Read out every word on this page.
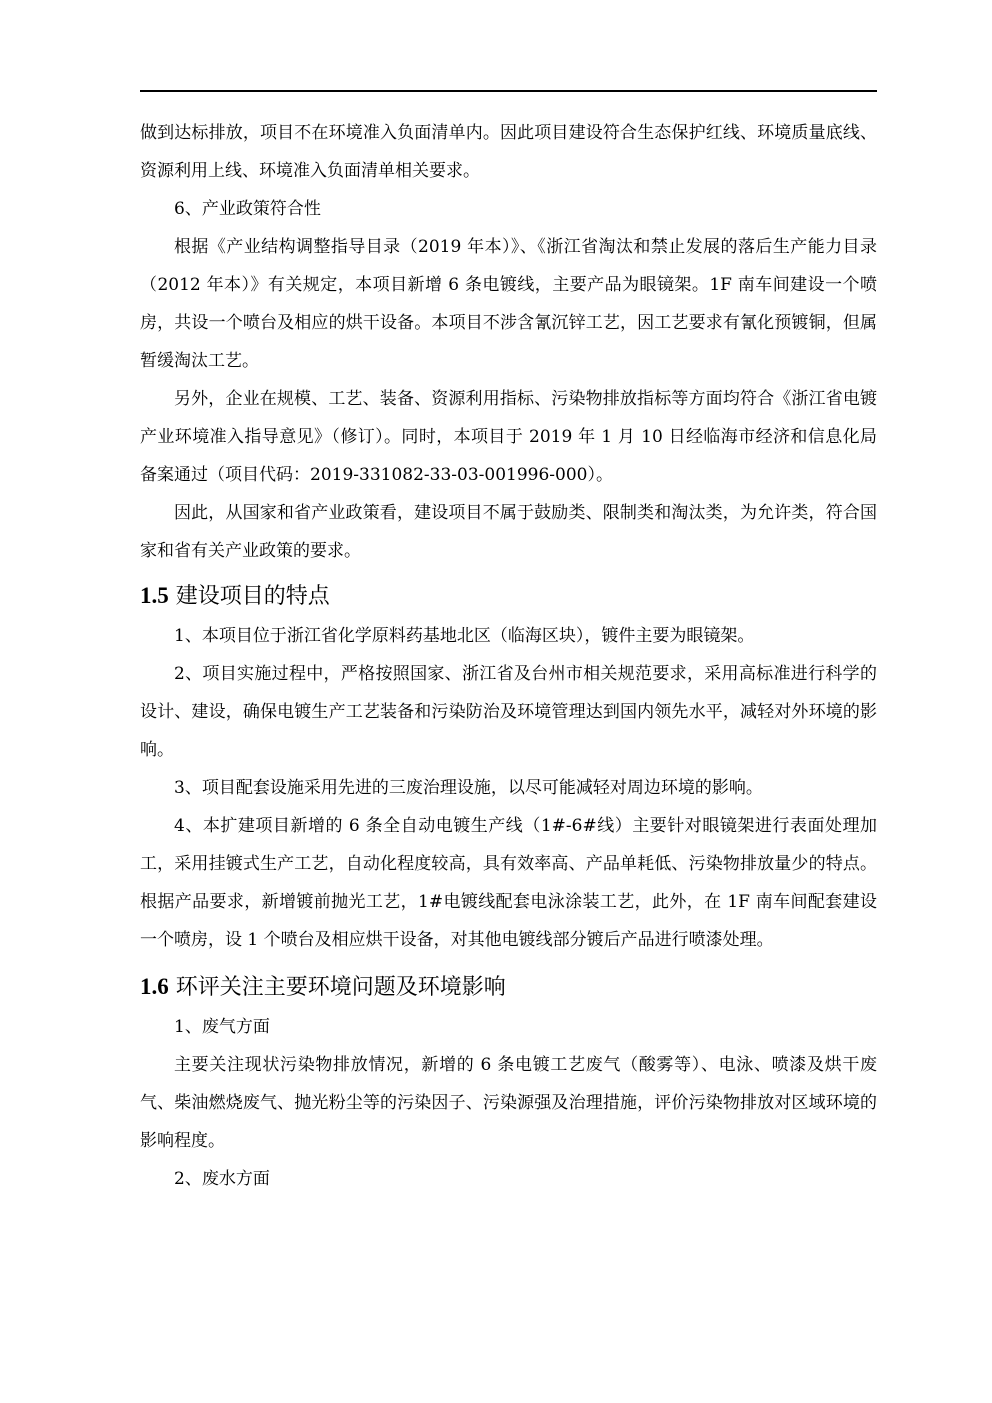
做到达标排放，项目不在环境准入负面清单内。因此项目建设符合生态保护红线、环境质量底线、资源利用上线、环境准入负面清单相关要求。

6、产业政策符合性

根据《产业结构调整指导目录（2019 年本）》、《浙江省淘汰和禁止发展的落后生产能力目录（2012 年本）》有关规定，本项目新增 6 条电镀线，主要产品为眼镜架。1F 南车间建设一个喷房，共设一个喷台及相应的烘干设备。本项目不涉含氰沉锌工艺，因工艺要求有氰化预镀铜，但属暂缓淘汰工艺。

另外，企业在规模、工艺、装备、资源利用指标、污染物排放指标等方面均符合《浙江省电镀产业环境准入指导意见》（修订）。同时，本项目于 2019 年 1 月 10 日经临海市经济和信息化局备案通过（项目代码：2019-331082-33-03-001996-000）。

因此，从国家和省产业政策看，建设项目不属于鼓励类、限制类和淘汰类，为允许类，符合国家和省有关产业政策的要求。

1.5 建设项目的特点

1、本项目位于浙江省化学原料药基地北区（临海区块），镀件主要为眼镜架。

2、项目实施过程中，严格按照国家、浙江省及台州市相关规范要求，采用高标准进行科学的设计、建设，确保电镀生产工艺装备和污染防治及环境管理达到国内领先水平，减轻对外环境的影响。

3、项目配套设施采用先进的三废治理设施，以尽可能减轻对周边环境的影响。

4、本扩建项目新增的 6 条全自动电镀生产线（1#-6#线）主要针对眼镜架进行表面处理加工，采用挂镀式生产工艺，自动化程度较高，具有效率高、产品单耗低、污染物排放量少的特点。根据产品要求，新增镀前抛光工艺，1#电镀线配套电泳涂装工艺，此外，在 1F 南车间配套建设一个喷房，设 1 个喷台及相应烘干设备，对其他电镀线部分镀后产品进行喷漆处理。

1.6 环评关注主要环境问题及环境影响

1、废气方面

主要关注现状污染物排放情况，新增的 6 条电镀工艺废气（酸雾等）、电泳、喷漆及烘干废气、柴油燃烧废气、抛光粉尘等的污染因子、污染源强及治理措施，评价污染物排放对区域环境的影响程度。

2、废水方面
